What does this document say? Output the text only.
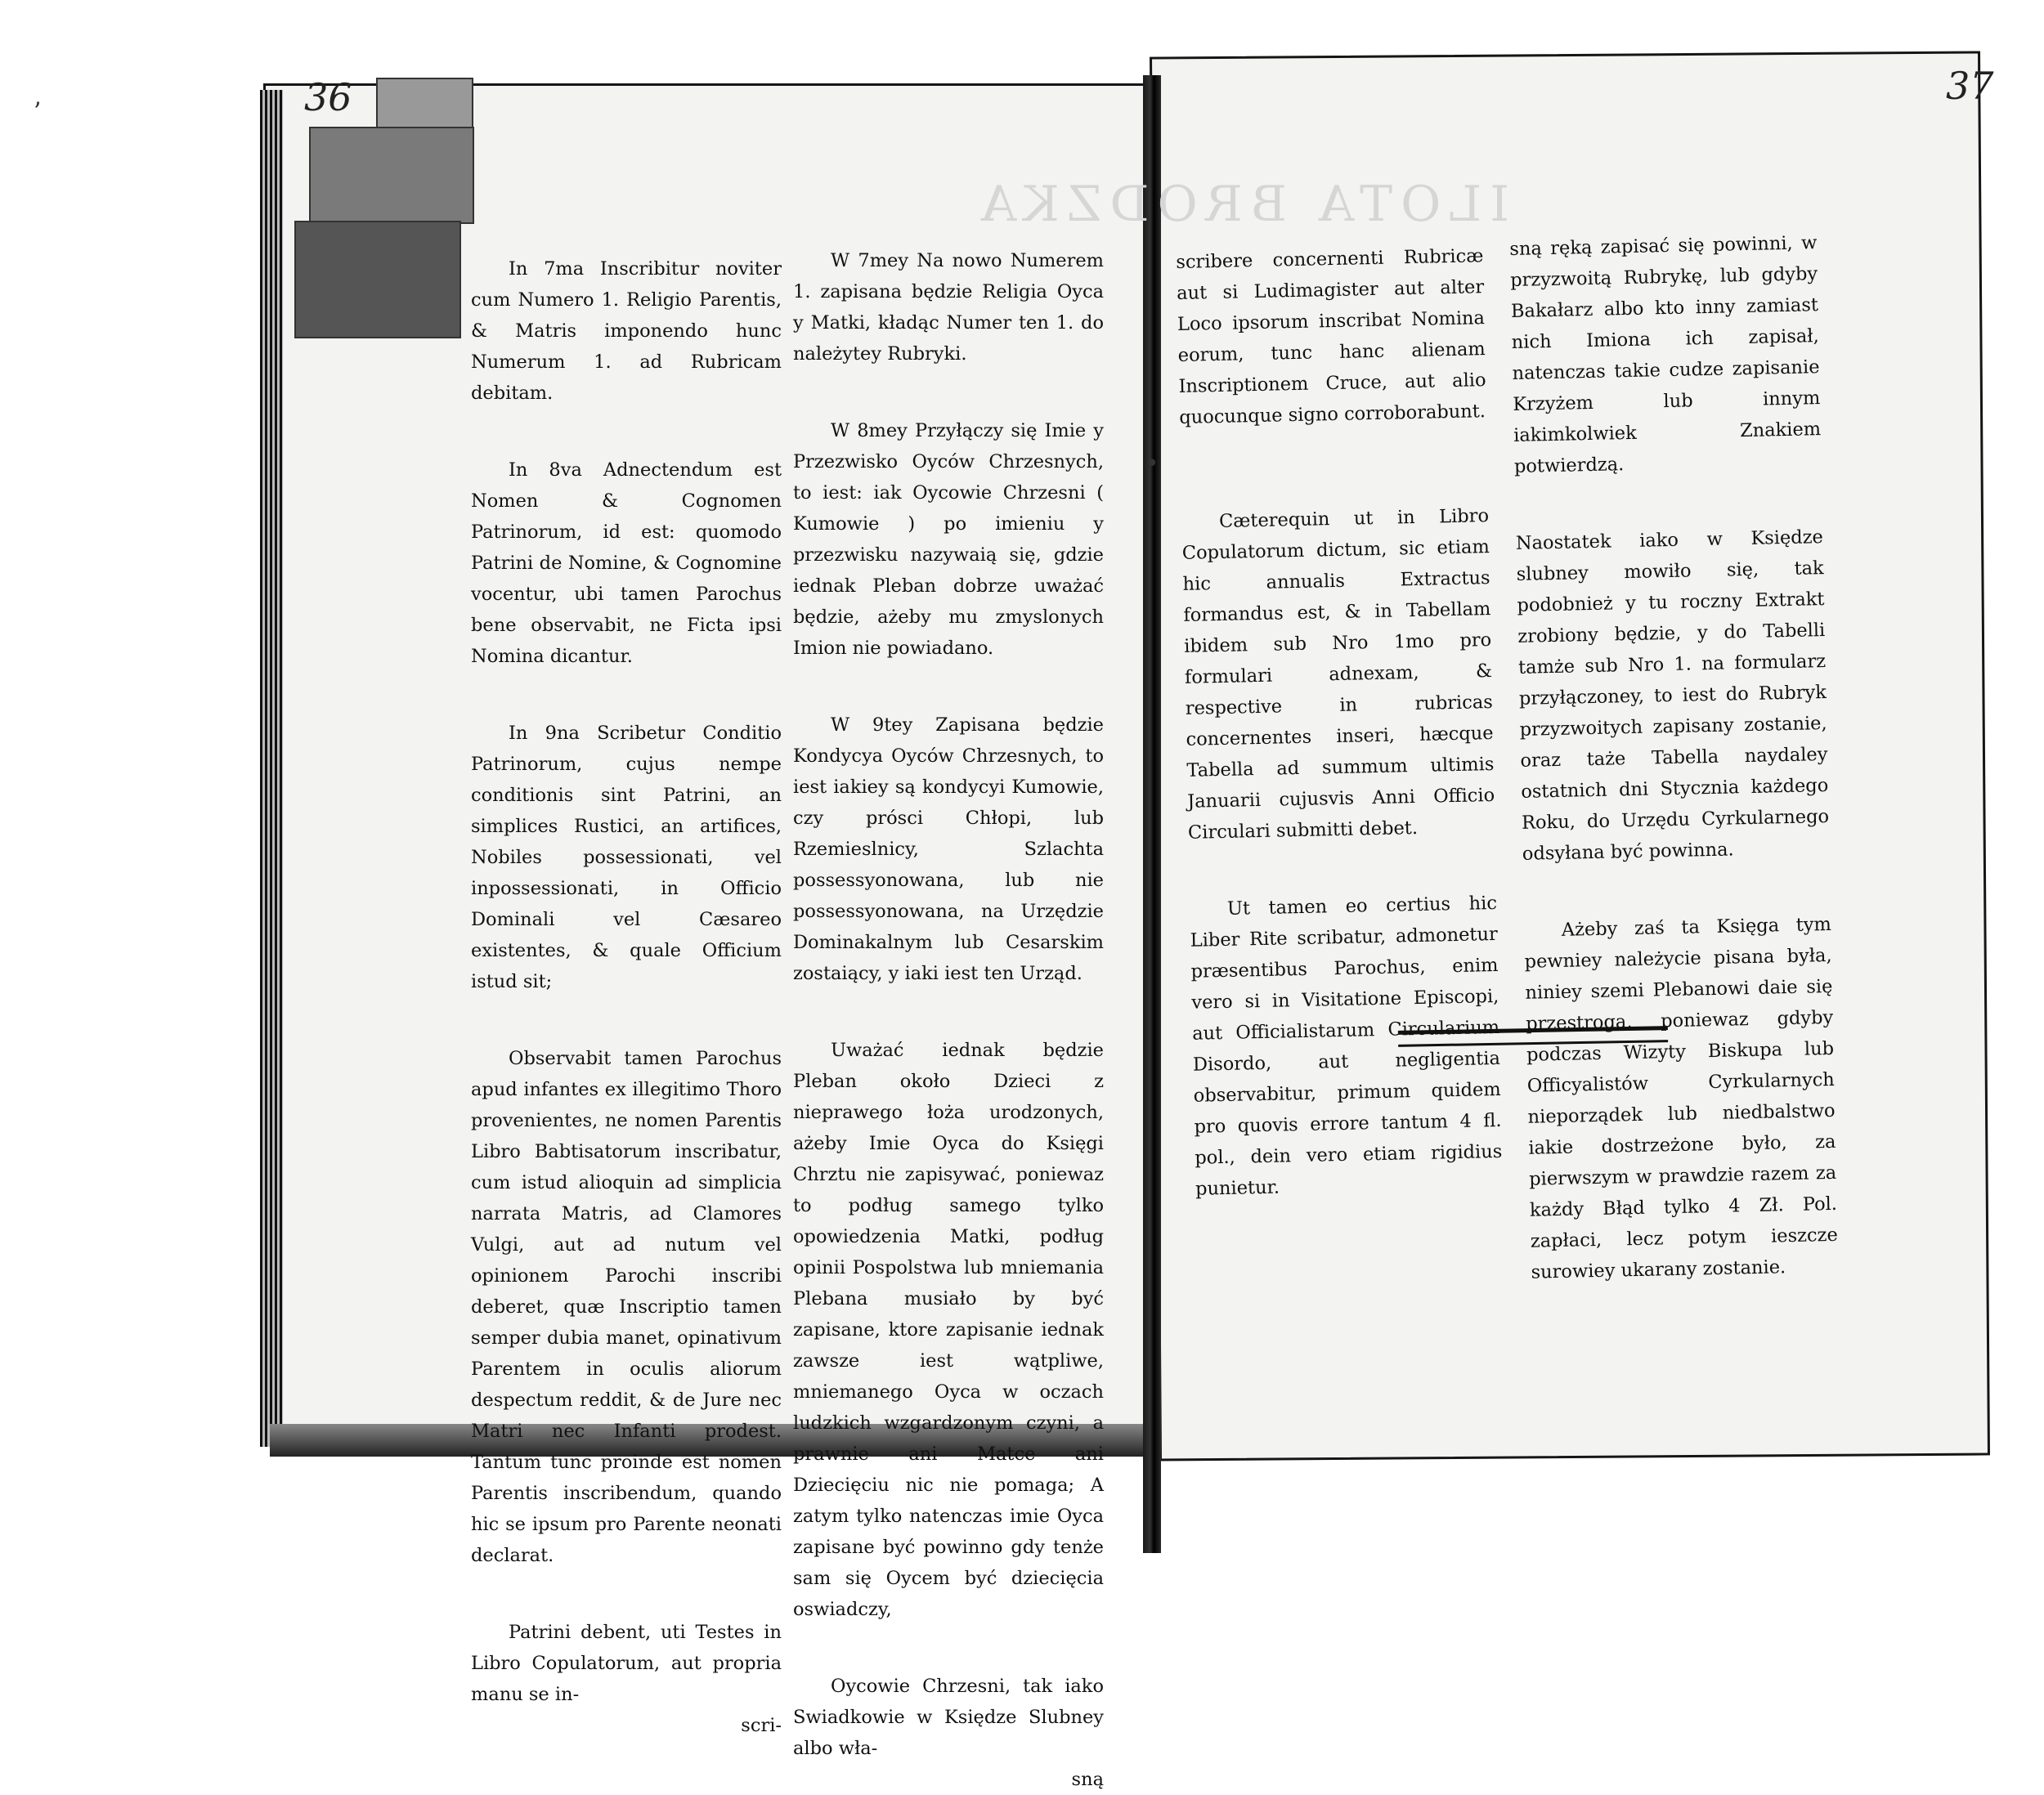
36	37
ILOTA BRODZKA

In 7ma Inscribitur noviter cum Numero 1. Religio Parentis, & Matris imponendo hunc Numerum 1. ad Rubricam debitam.

In 8va Adnectendum est Nomen & Cognomen Patrinorum, id est: quomodo Patrini de Nomine, & Cognomine vocentur, ubi tamen Parochus bene observabit, ne Ficta ipsi Nomina dicantur.

In 9na Scribetur Conditio Patrinorum, cujus nempe conditionis sint Patrini, an simplices Rustici, an artifices, Nobiles possessionati, vel inpossessionati, in Officio Dominali vel Cæsareo existentes, & quale Officium istud sit;

Observabit tamen Parochus apud infantes ex illegitimo Thoro provenientes, ne nomen Parentis Libro Babtisatorum inscribatur, cum istud alioquin ad simplicia narrata Matris, ad Clamores Vulgi, aut ad nutum vel opinionem Parochi inscribi deberet, quæ Inscriptio tamen semper dubia manet, opinativum Parentem in oculis aliorum despectum reddit, & de Jure nec Matri nec Infanti prodest. Tantum tunc proinde est nomen Parentis inscribendum, quando hic se ipsum pro Parente neonati declarat.

Patrini debent, uti Testes in Libro Copulatorum, aut propria manu se in-

scri-

W 7mey Na nowo Numerem 1. zapisana będzie Religia Oyca y Matki, kładąc Numer ten 1. do należytey Rubryki.

W 8mey Przyłączy się Imie y Przezwisko Oyców Chrzesnych, to iest: iak Oycowie Chrzesni ( Kumowie ) po imieniu y przezwisku nazywaią się, gdzie iednak Pleban dobrze uważać będzie, ażeby mu zmyslonych Imion nie powiadano.

W 9tey Zapisana będzie Kondycya Oyców Chrzesnych, to iest iakiey są kondycyi Kumowie, czy prósci Chłopi, lub Rzemieslnicy, Szlachta possessyonowana, lub nie possessyonowana, na Urzędzie Dominakalnym lub Cesarskim zostaiący, y iaki iest ten Urząd.

Uważać iednak będzie Pleban około Dzieci z nieprawego łoża urodzonych, ażeby Imie Oyca do Księgi Chrztu nie zapisywać, poniewaz to podług samego tylko opowiedzenia Matki, podług opinii Pospolstwa lub mniemania Plebana musiało by być zapisane, ktore zapisanie iednak zawsze iest wątpliwe, mniemanego Oyca w oczach ludzkich wzgardzonym czyni, a prawnie ani Matce ani Dziecięciu nic nie pomaga; A zatym tylko natenczas imie Oyca zapisane być powinno gdy tenże sam się Oycem być dziecięcia oswiadczy,

Oycowie Chrzesni, tak iako Swiadkowie w Księdze Slubney albo wła-

sną

scribere concernenti Rubricæ aut si Ludimagister aut alter Loco ipsorum inscribat Nomina eorum, tunc hanc alienam Inscriptionem Cruce, aut alio quocunque signo corroborabunt.

Cæterequin ut in Libro Copulatorum dictum, sic etiam hic annualis Extractus formandus est, & in Tabellam ibidem sub Nro 1mo pro formulari adnexam, & respective in rubricas concernentes inseri, hæcque Tabella ad summum ultimis Januarii cujusvis Anni Officio Circulari submitti debet.

Ut tamen eo certius hic Liber Rite scribatur, admonetur præsentibus Parochus, enim vero si in Visitatione Episcopi, aut Officialistarum Circularium Disordo, aut negligentia observabitur, primum quidem pro quovis errore tantum 4 fl. pol., dein vero etiam rigidius punietur.

sną ręką zapisać się powinni, w przyzwoitą Rubrykę, lub gdyby Bakałarz albo kto inny zamiast nich Imiona ich zapisał, natenczas takie cudze zapisanie Krzyżem lub innym iakimkolwiek Znakiem potwierdzą.

Naostatek iako w Księdze slubney mowiło się, tak podobnież y tu roczny Extrakt zrobiony będzie, y do Tabelli tamże sub Nro 1. na formularz przyłączoney, to iest do Rubryk przyzwoitych zapisany zostanie, oraz taże Tabella naydaley ostatnich dni Stycznia każdego Roku, do Urzędu Cyrkularnego odsyłana być powinna.

Ażeby zaś ta Księga tym pewniey należycie pisana była, niniey szemi Plebanowi daie się przestroga, poniewaz gdyby podczas Wizyty Biskupa lub Officyalistów Cyrkularnych nieporządek lub niedbalstwo iakie dostrzeżone było, za pierwszym w prawdzie razem za każdy Błąd tylko 4 Zł. Pol. zapłaci, lecz potym ieszcze surowiey ukarany zostanie.

ʼ
•
